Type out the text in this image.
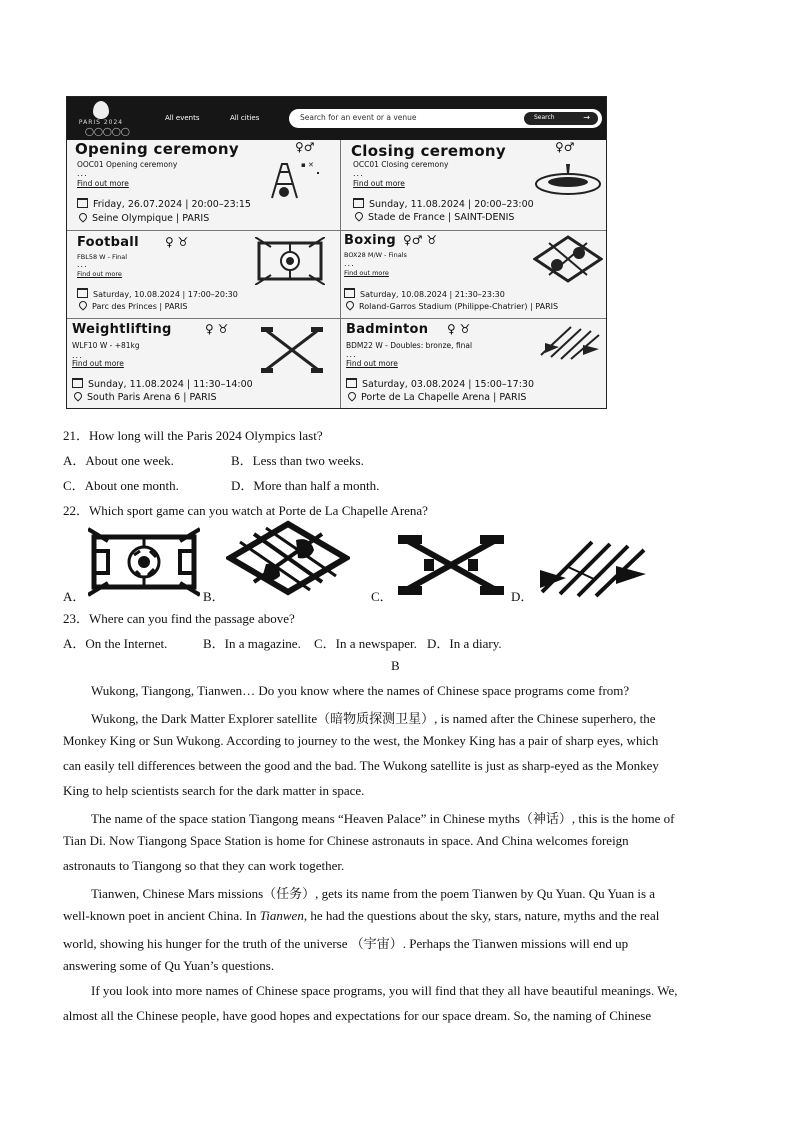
PARIS 2024
◯◯◯◯◯
All events	All cities	Search for an event or a venue	Search	→
Opening ceremony	♀♂
OOC01 Opening ceremony
...
Find out more
▪ ✕
Friday, 26.07.2024 | 20:00–23:15
Seine Olympique | PARIS
Closing ceremony	♀♂
OCC01 Closing ceremony
...
Find out more
Sunday, 11.08.2024 | 20:00–23:00
Stade de France | SAINT-DENIS
Football ♀ ♉
FBL58 W - Final
...
Find out more
Saturday, 10.08.2024 | 17:00–20:30
Parc des Princes | PARIS
Boxing ♀♂ ♉
BOX28 M/W - Finals
...
Find out more
Saturday, 10.08.2024 | 21:30–23:30
Roland-Garros Stadium (Philippe-Chatrier) | PARIS
Weightlifting	♀ ♉
WLF10 W - +81kg
...
Find out more
Sunday, 11.08.2024 | 11:30–14:00
South Paris Arena 6 | PARIS
Badminton ♀ ♉
BDM22 W - Doubles: bronze, final
...
Find out more
Saturday, 03.08.2024 | 15:00–17:30
Porte de La Chapelle Arena | PARIS
21．How long will the Paris 2024 Olympics last?
A．About one week.	B．Less than two weeks.
C．About one month.	D．More than half a month.
22．Which sport game can you watch at Porte de La Chapelle Arena?
A．	B．	C．	D．
23．Where can you find the passage above?
A．On the Internet.	B．In a magazine. C．In a newspaper. D．In a diary.
B
Wukong, Tiangong, Tianwen… Do you know where the names of Chinese space programs come from?
Wukong, the Dark Matter Explorer satellite（暗物质探测卫星）, is named after the Chinese superhero, the
Monkey King or Sun Wukong. According to journey to the west, the Monkey King has a pair of sharp eyes, which
can easily tell differences between the good and the bad. The Wukong satellite is just as sharp-eyed as the Monkey
King to help scientists search for the dark matter in space.
The name of the space station Tiangong means “Heaven Palace” in Chinese myths（神话）, this is the home of
Tian Di. Now Tiangong Space Station is home for Chinese astronauts in space. And China welcomes foreign
astronauts to Tiangong so that they can work together.
Tianwen, Chinese Mars missions（任务）, gets its name from the poem Tianwen by Qu Yuan. Qu Yuan is a
well-known poet in ancient China. In Tianwen, he had the questions about the sky, stars, nature, myths and the real
world, showing his hunger for the truth of the universe （宇宙）. Perhaps the Tianwen missions will end up
answering some of Qu Yuan’s questions.
If you look into more names of Chinese space programs, you will find that they all have beautiful meanings. We,
almost all the Chinese people, have good hopes and expectations for our space dream. So, the naming of Chinese
